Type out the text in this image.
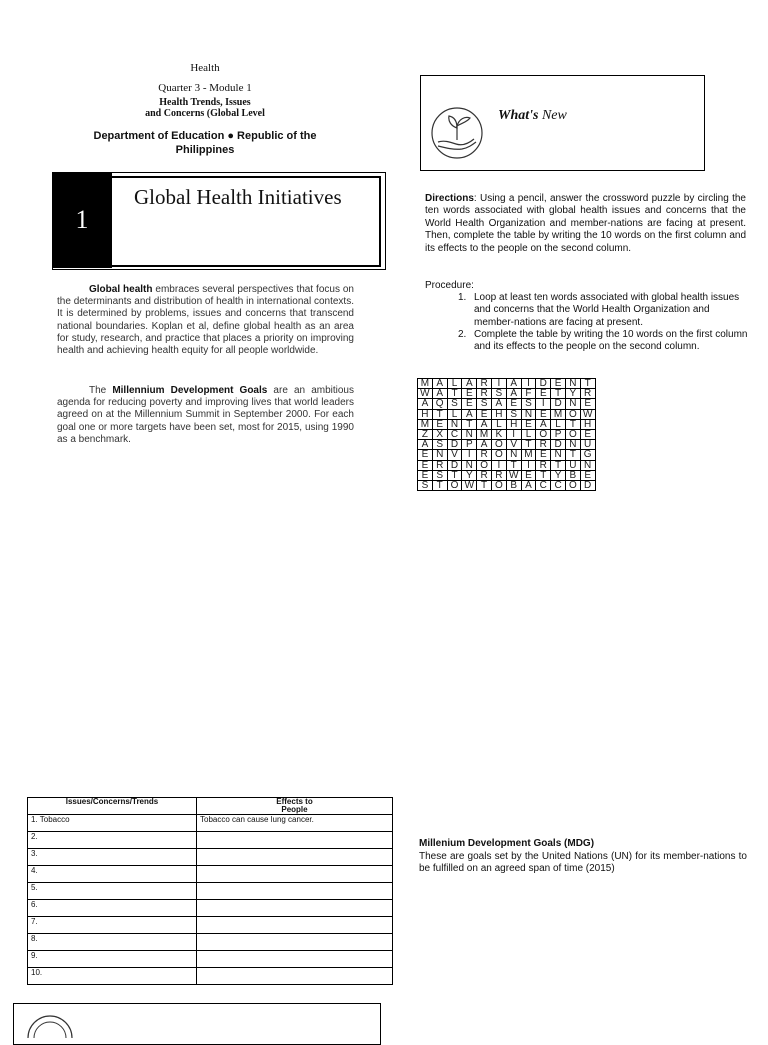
Health
Quarter 3 - Module 1
Health Trends, Issues
and Concerns (Global Level
Department of Education ● Republic of the
Philippines
1
Global Health Initiatives
Global health embraces several perspectives that focus on the determinants and distribution of health in international contexts. It is determined by problems, issues and concerns that transcend national boundaries. Koplan et al, define global health as an area for study, research, and practice that places a priority on improving health and achieving health equity for all people worldwide.
The Millennium Development Goals are an ambitious agenda for reducing poverty and improving lives that world leaders agreed on at the Millennium Summit in September 2000. For each goal one or more targets have been set, most for 2015, using 1990 as a benchmark.
What's New
Directions: Using a pencil, answer the crossword puzzle by circling the ten words associated with global health issues and concerns that the World Health Organization and member-nations are facing at present. Then, complete the table by writing the 10 words on the first column and its effects to the people on the second column.
Procedure:
1. Loop at least ten words associated with global health issues and concerns that the World Health Organization and member-nations are facing at present.
2. Complete the table by writing the 10 words on the first column and its effects to the people on the second column.
M	A	L	A	R	I	A	I	D	E	N	T
W	A	T	E	R	S	A	F	E	T	Y	R
A	Q	S	E	S	A	E	S	I	D	N	E
H	T	L	A	E	H	S	N	E	M	O	W
M	E	N	T	A	L	H	E	A	L	T	H
Z	X	C	N	M	K	I	L	O	P	O	E
A	S	D	P	A	O	V	T	R	D	N	U
E	N	V	I	R	O	N	M	E	N	T	G
E	R	D	N	O	I	T	I	R	T	U	N
E	S	T	Y	R	R	W	E	T	Y	B	E
S	T	O	W	T	O	B	A	C	C	O	D
Issues/Concerns/Trends	Effects to
People

1. Tobacco	Tobacco can cause lung cancer.
2.	
3.	
4.	
5.	
6.	
7.	
8.	
9.	
10.	
Millenium Development Goals (MDG)
These are goals set by the United Nations (UN) for its member-nations to be fulfilled on an agreed span of time (2015)
